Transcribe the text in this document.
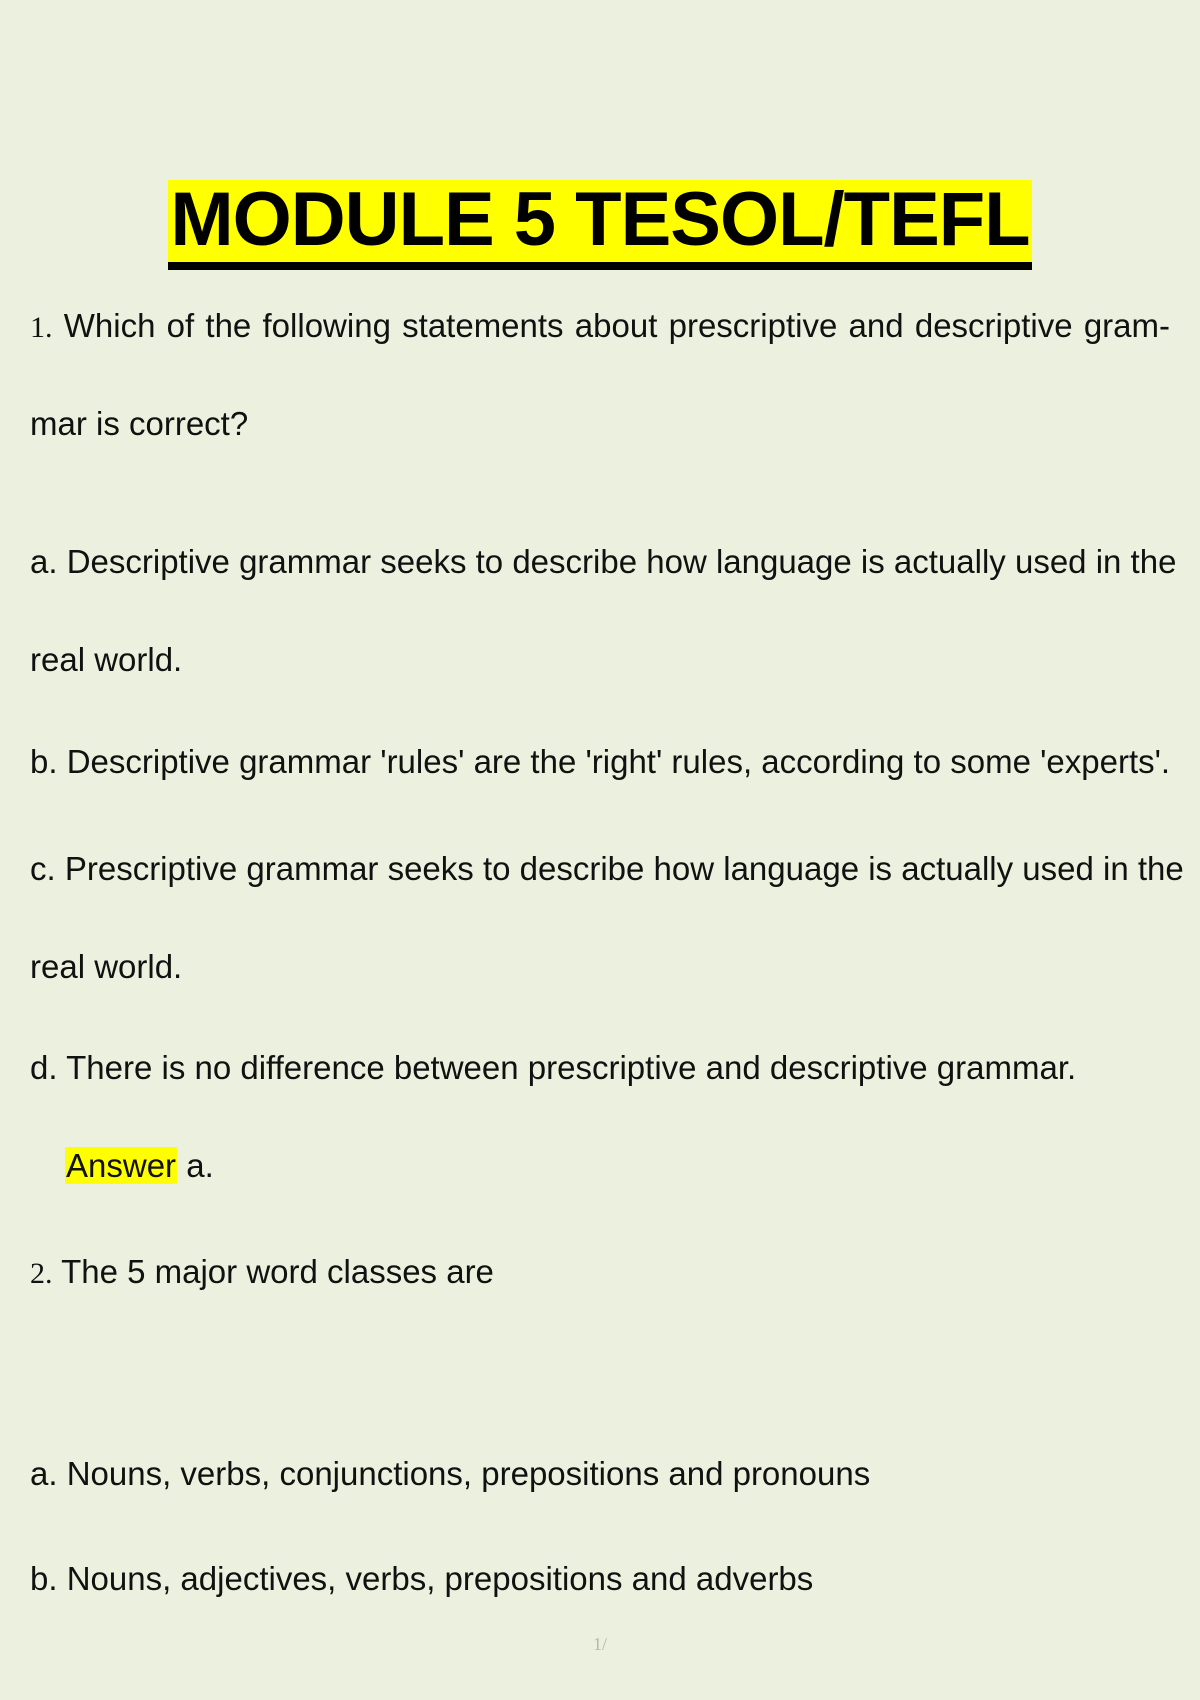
MODULE 5 TESOL/TEFL

1. Which of the following statements about prescriptive and descriptive gram-

mar is correct?

a. Descriptive grammar seeks to describe how language is actually used in the

real world.

b. Descriptive grammar 'rules' are the 'right' rules, according to some 'experts'.

c. Prescriptive grammar seeks to describe how language is actually used in the

real world.

d. There is no difference between prescriptive and descriptive grammar.

Answer a.

2. The 5 major word classes are

a. Nouns, verbs, conjunctions, prepositions and pronouns

b. Nouns, adjectives, verbs, prepositions and adverbs

1/
